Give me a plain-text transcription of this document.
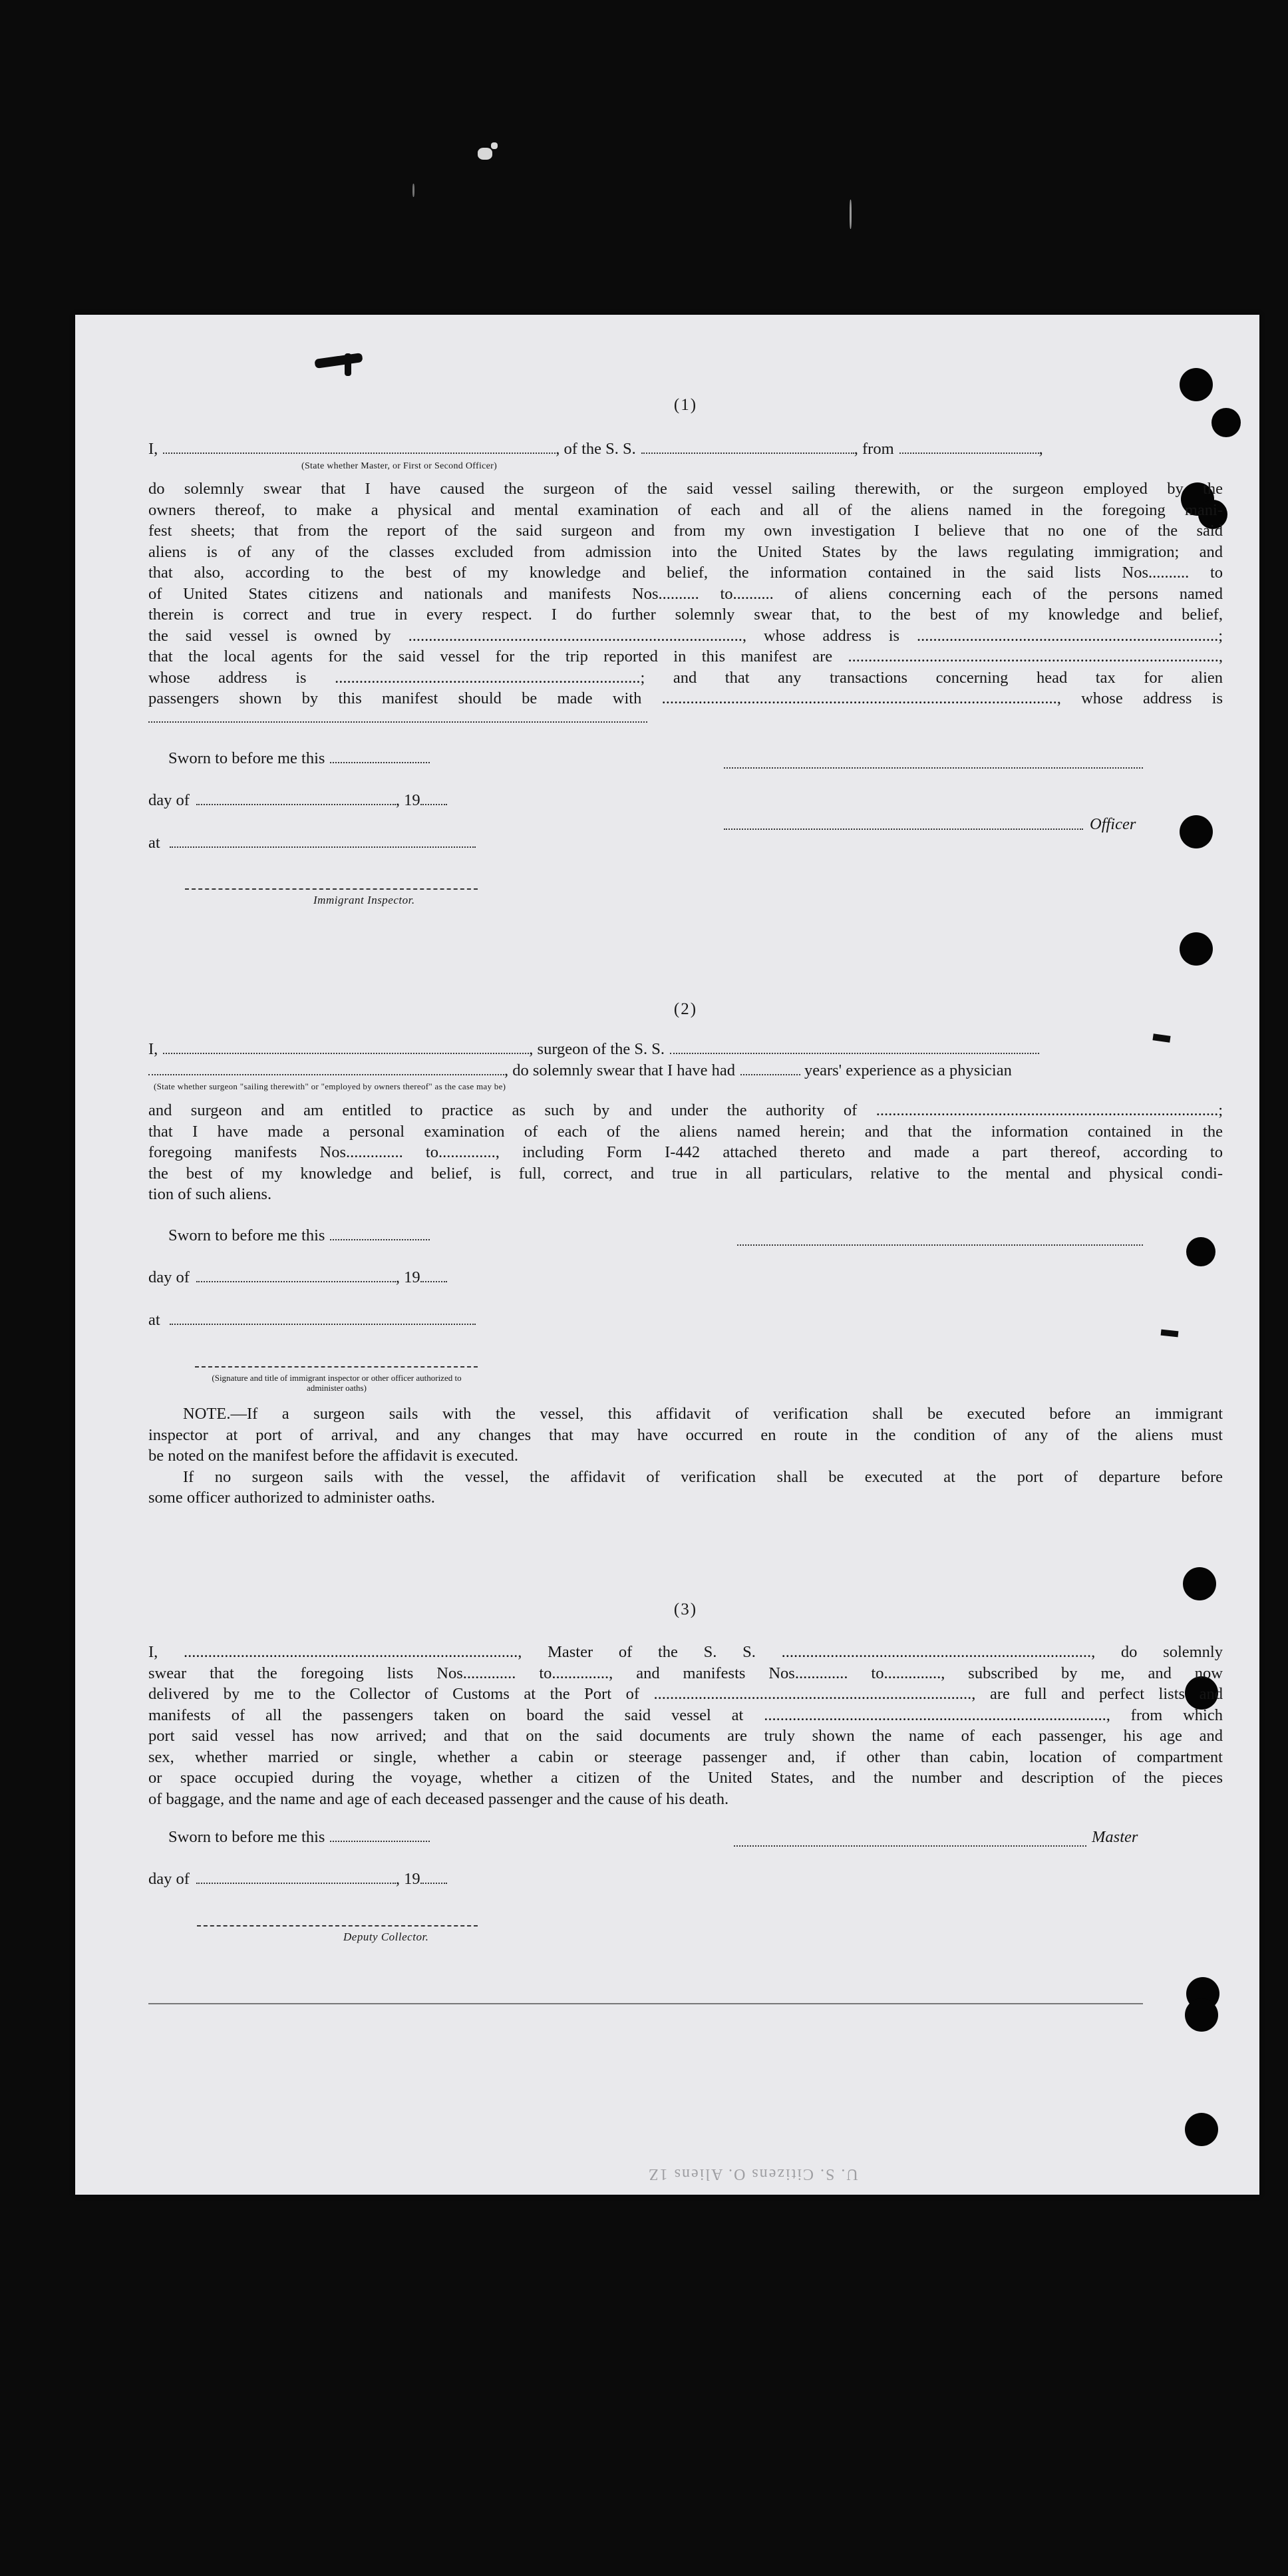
(1)

I,	, of the S. S.	, from	,

(State whether Master, or First or Second Officer)

do solemnly swear that I have caused the surgeon of the said vessel sailing therewith, or the surgeon employed by the

owners thereof, to make a physical and mental examination of each and all of the aliens named in the foregoing mani-

fest sheets; that from the report of the said surgeon and from my own investigation I believe that no one of the said

aliens is of any of the classes excluded from admission into the United States by the laws regulating immigration; and

that also, according to the best of my knowledge and belief, the information contained in the said lists Nos.......... to

of United States citizens and nationals and manifests Nos.......... to.......... of aliens concerning each of the persons named

therein is correct and true in every respect. I do further solemnly swear that, to the best of my knowledge and belief,

the said vessel is owned by .................................................................................., whose address is ..........................................................................;

that the local agents for the said vessel for the trip reported in this manifest are ...........................................................................................,

whose address is ...........................................................................; and that any transactions concerning head tax for alien

passengers shown by this manifest should be made with ................................................................................................., whose address is

Sworn to before me this
day of	, 19
Officer
at
Immigrant Inspector.

(2)

I,	, surgeon of the S. S.
, do solemnly swear that I have had	years' experience as a physician

(State whether surgeon "sailing therewith" or "employed by owners thereof" as the case may be)

and surgeon and am entitled to practice as such by and under the authority of ....................................................................................;

that I have made a personal examination of each of the aliens named herein; and that the information contained in the

foregoing manifests Nos.............. to.............., including Form I-442 attached thereto and made a part thereof, according to

the best of my knowledge and belief, is full, correct, and true in all particulars, relative to the mental and physical condi-

tion of such aliens.

Sworn to before me this
day of	, 19
at
(Signature and title of immigrant inspector or other officer authorized to administer oaths)

NOTE.—If a surgeon sails with the vessel, this affidavit of verification shall be executed before an immigrant

inspector at port of arrival, and any changes that may have occurred en route in the condition of any of the aliens must

be noted on the manifest before the affidavit is executed.

If no surgeon sails with the vessel, the affidavit of verification shall be executed at the port of departure before

some officer authorized to administer oaths.

(3)

I, .................................................................................., Master of the S. S. ............................................................................, do solemnly

swear that the foregoing lists Nos............. to.............., and manifests Nos............. to.............., subscribed by me, and now

delivered by me to the Collector of Customs at the Port of .............................................................................., are full and perfect lists and

manifests of all the passengers taken on board the said vessel at ...................................................................................., from which

port said vessel has now arrived; and that on the said documents are truly shown the name of each passenger, his age and

sex, whether married or single, whether a cabin or steerage passenger and, if other than cabin, location of compartment

or space occupied during the voyage, whether a citizen of the United States, and the number and description of the pieces

of baggage, and the name and age of each deceased passenger and the cause of his death.

Sworn to before me this	Master
day of	, 19
Deputy Collector.
U. S. Citizens O. Aliens 1Z
